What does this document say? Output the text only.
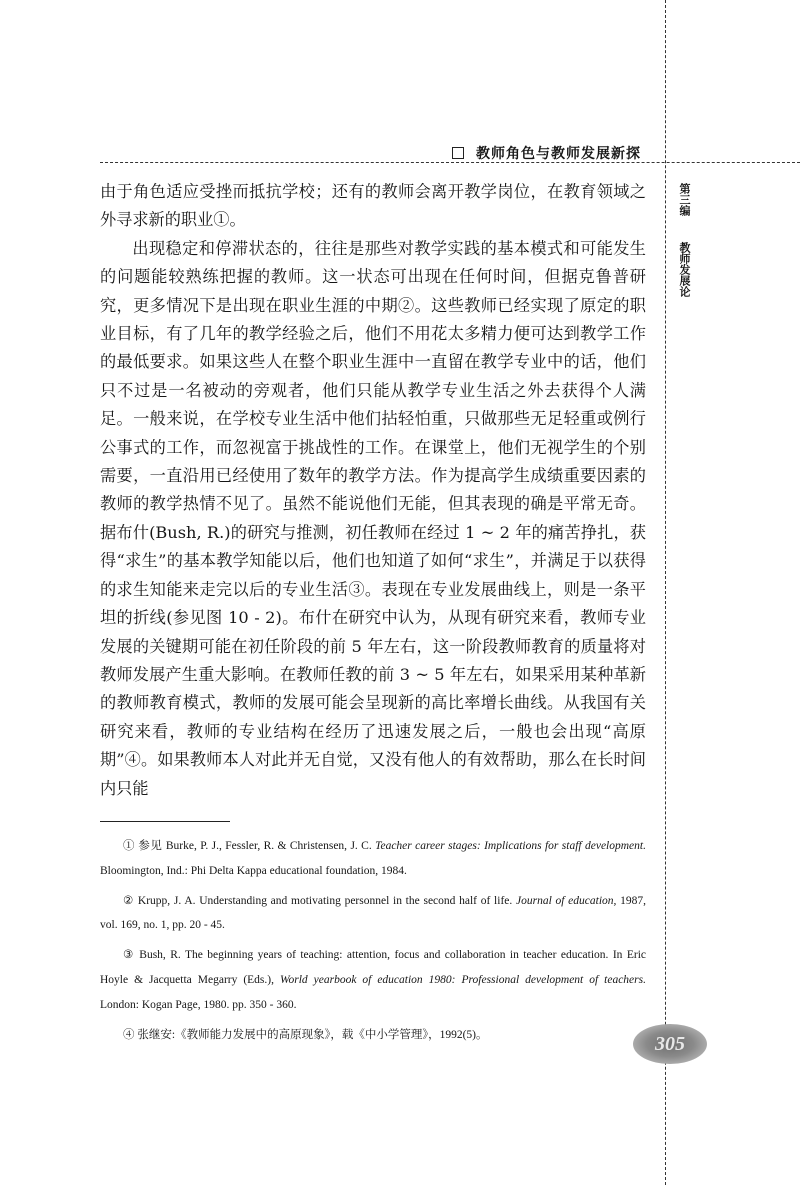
教师角色与教师发展新探
第三编
教师发展论

由于角色适应受挫而抵抗学校；还有的教师会离开教学岗位，在教育领域之外寻求新的职业①。

出现稳定和停滞状态的，往往是那些对教学实践的基本模式和可能发生的问题能较熟练把握的教师。这一状态可出现在任何时间，但据克鲁普研究，更多情况下是出现在职业生涯的中期②。这些教师已经实现了原定的职业目标，有了几年的教学经验之后，他们不用花太多精力便可达到教学工作的最低要求。如果这些人在整个职业生涯中一直留在教学专业中的话，他们只不过是一名被动的旁观者，他们只能从教学专业生活之外去获得个人满足。一般来说，在学校专业生活中他们拈轻怕重，只做那些无足轻重或例行公事式的工作，而忽视富于挑战性的工作。在课堂上，他们无视学生的个别需要，一直沿用已经使用了数年的教学方法。作为提高学生成绩重要因素的教师的教学热情不见了。虽然不能说他们无能，但其表现的确是平常无奇。据布什(Bush, R.)的研究与推测，初任教师在经过 1 ~ 2 年的痛苦挣扎，获得“求生”的基本教学知能以后，他们也知道了如何“求生”，并满足于以获得的求生知能来走完以后的专业生活③。表现在专业发展曲线上，则是一条平坦的折线(参见图 10 - 2)。布什在研究中认为，从现有研究来看，教师专业发展的关键期可能在初任阶段的前 5 年左右，这一阶段教师教育的质量将对教师发展产生重大影响。在教师任教的前 3 ~ 5 年左右，如果采用某种革新的教师教育模式，教师的发展可能会呈现新的高比率增长曲线。从我国有关研究来看，教师的专业结构在经历了迅速发展之后，一般也会出现“高原期”④。如果教师本人对此并无自觉，又没有他人的有效帮助，那么在长时间内只能

① 参见 Burke, P. J., Fessler, R. & Christensen, J. C. Teacher career stages: Implications for staff development. Bloomington, Ind.: Phi Delta Kappa educational foundation, 1984.

② Krupp, J. A. Understanding and motivating personnel in the second half of life. Journal of education, 1987, vol. 169, no. 1, pp. 20 - 45.

③ Bush, R. The beginning years of teaching: attention, focus and collaboration in teacher education. In Eric Hoyle & Jacquetta Megarry (Eds.), World yearbook of education 1980: Professional development of teachers. London: Kogan Page, 1980. pp. 350 - 360.

④ 张继安:《教师能力发展中的高原现象》，载《中小学管理》，1992(5)。	305
